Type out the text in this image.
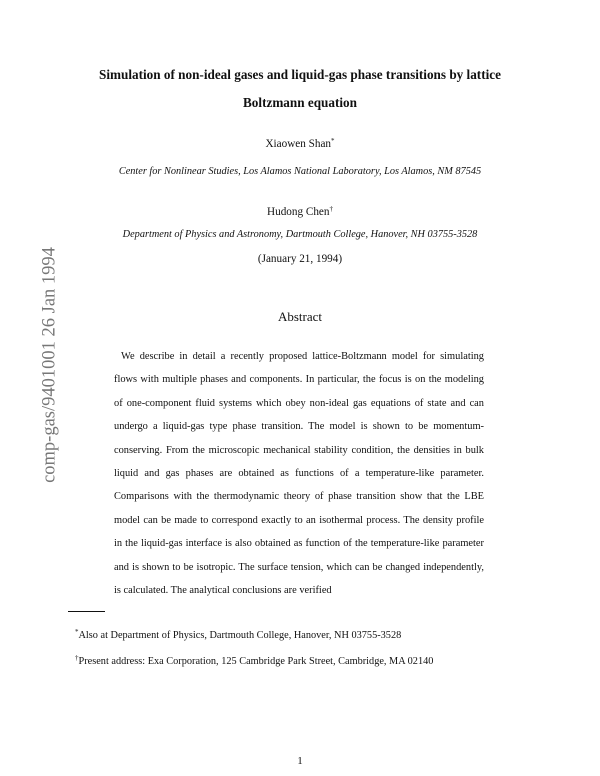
comp-gas/9401001 26 Jan 1994
Simulation of non-ideal gases and liquid-gas phase transitions by lattice
Boltzmann equation
Xiaowen Shan*
Center for Nonlinear Studies, Los Alamos National Laboratory, Los Alamos, NM 87545
Hudong Chen†
Department of Physics and Astronomy, Dartmouth College, Hanover, NH 03755-3528
(January 21, 1994)
Abstract
We describe in detail a recently proposed lattice-Boltzmann model for simulating flows with multiple phases and components. In particular, the focus is on the modeling of one-component fluid systems which obey non-ideal gas equations of state and can undergo a liquid-gas type phase transition. The model is shown to be momentum-conserving. From the microscopic mechanical stability condition, the densities in bulk liquid and gas phases are obtained as functions of a temperature-like parameter. Comparisons with the thermodynamic theory of phase transition show that the LBE model can be made to correspond exactly to an isothermal process. The density profile in the liquid-gas interface is also obtained as function of the temperature-like parameter and is shown to be isotropic. The surface tension, which can be changed independently, is calculated. The analytical conclusions are verified
*Also at Department of Physics, Dartmouth College, Hanover, NH 03755-3528
†Present address: Exa Corporation, 125 Cambridge Park Street, Cambridge, MA 02140
1
